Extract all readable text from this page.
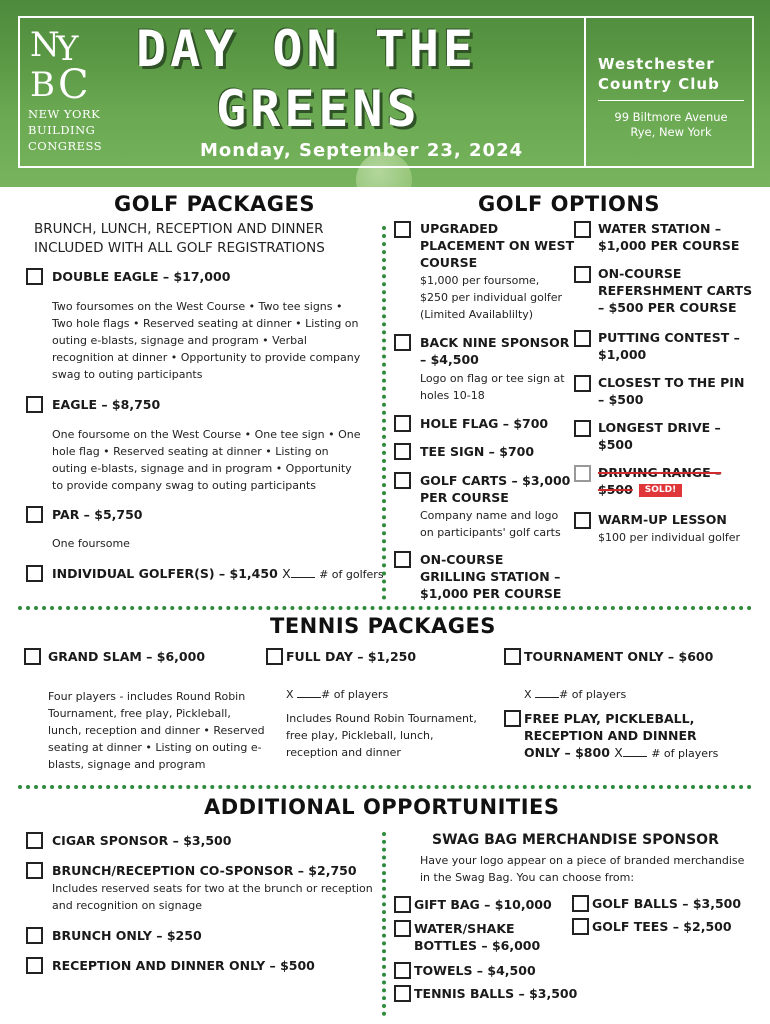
N
Y
B C
NEW YORK
BUILDING
CONGRESS
DAY ON THE
GREENS
Monday, September 23, 2024
Westchester
Country Club
99 Biltmore Avenue
Rye, New York
GOLF PACKAGES
BRUNCH, LUNCH, RECEPTION AND DINNER
INCLUDED WITH ALL GOLF REGISTRATIONS
DOUBLE EAGLE – $17,000
Two foursomes on the West Course • Two tee signs • Two hole flags • Reserved seating at dinner • Listing on outing e-blasts, signage and program • Verbal recognition at dinner • Opportunity to provide company swag to outing participants
EAGLE – $8,750
One foursome on the West Course • One tee sign • One hole flag • Reserved seating at dinner • Listing on outing e-blasts, signage and in program • Opportunity to provide company swag to outing participants
PAR – $5,750
One foursome
INDIVIDUAL GOLFER(S) – $1,450 X	# of golfers
GOLF OPTIONS
UPGRADED
PLACEMENT ON WEST
COURSE
$1,000 per foursome,
$250 per individual golfer
(Limited Availablilty)
BACK NINE SPONSOR
– $4,500
Logo on flag or tee sign at
holes 10-18
HOLE FLAG – $700
TEE SIGN – $700
GOLF CARTS – $3,000
PER COURSE
Company name and logo
on participants' golf carts
ON-COURSE
GRILLING STATION –
$1,000 PER COURSE
WATER STATION –
$1,000 PER COURSE
ON-COURSE
REFERSHMENT CARTS
– $500 PER COURSE
PUTTING CONTEST –
$1,000
CLOSEST TO THE PIN
– $500
LONGEST DRIVE –
$500
DRIVING RANGE –
$500 SOLD!
WARM-UP LESSON
$100 per individual golfer
TENNIS PACKAGES
GRAND SLAM – $6,000
Four players - includes Round Robin Tournament, free play, Pickleball, lunch, reception and dinner • Reserved seating at dinner • Listing on outing e-blasts, signage and program
FULL DAY – $1,250
X	# of players
Includes Round Robin Tournament, free play, Pickleball, lunch, reception and dinner
TOURNAMENT ONLY – $600
X	# of players
FREE PLAY, PICKLEBALL,
RECEPTION AND DINNER
ONLY – $800 X	# of players
ADDITIONAL OPPORTUNITIES
CIGAR SPONSOR – $3,500
BRUNCH/RECEPTION CO-SPONSOR – $2,750
Includes reserved seats for two at the brunch or reception
and recognition on signage
BRUNCH ONLY – $250
RECEPTION AND DINNER ONLY – $500
SWAG BAG MERCHANDISE SPONSOR
Have your logo appear on a piece of branded merchandise
in the Swag Bag. You can choose from:
GIFT BAG – $10,000
WATER/SHAKE
BOTTLES – $6,000
TOWELS – $4,500
TENNIS BALLS – $3,500
GOLF BALLS – $3,500
GOLF TEES – $2,500
